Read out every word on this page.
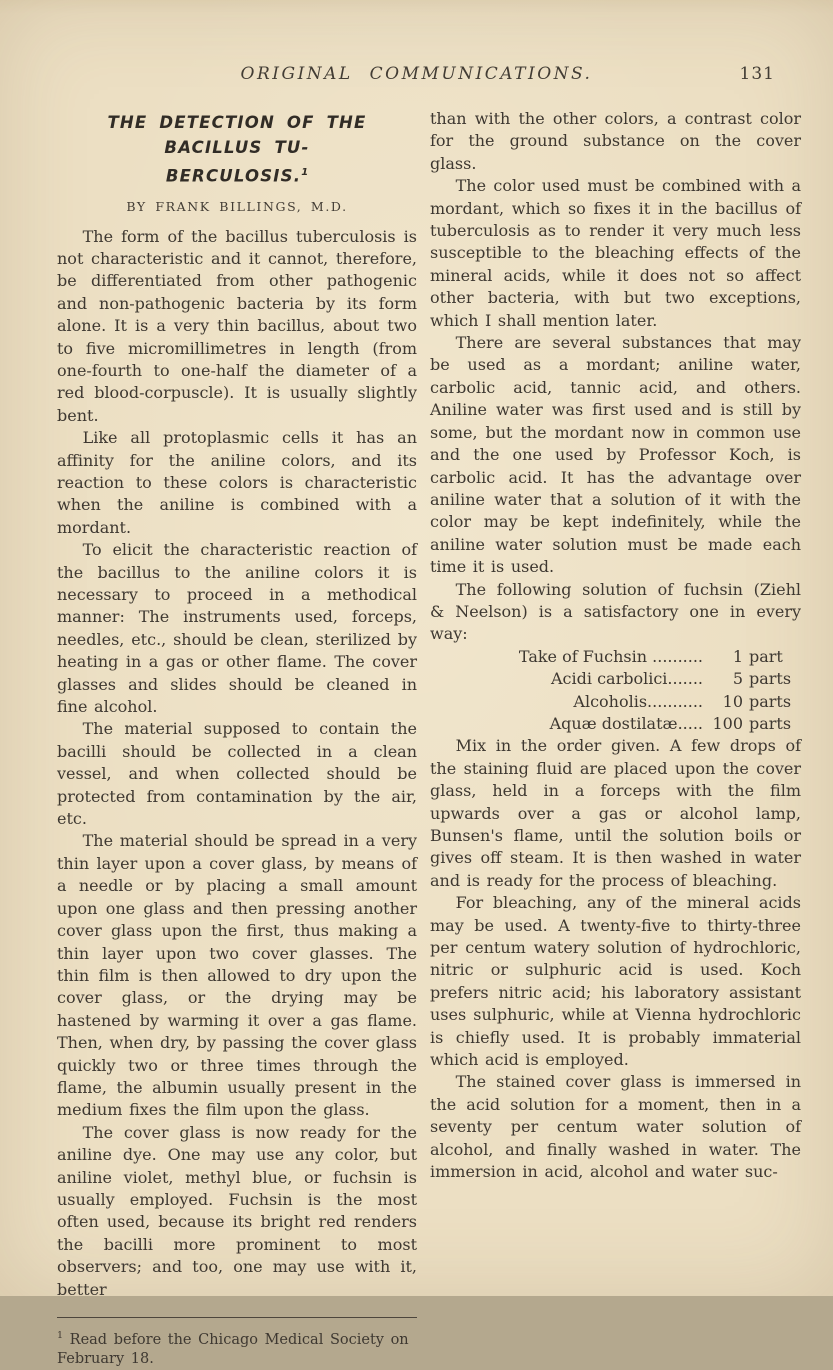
ORIGINAL COMMUNICATIONS.	131
THE DETECTION OF THE BACILLUS TU-
BERCULOSIS.$^1$
BY FRANK BILLINGS, M.D.

The form of the bacillus tuberculosis is not characteristic and it cannot, therefore, be differentiated from other pathogenic and non-pathogenic bacteria by its form alone. It is a very thin bacillus, about two to five micromillimetres in length (from one-fourth to one-half the diameter of a red blood-corpuscle). It is usually slightly bent.

Like all protoplasmic cells it has an affinity for the aniline colors, and its reaction to these colors is characteristic when the aniline is combined with a mordant.

To elicit the characteristic reaction of the bacillus to the aniline colors it is necessary to proceed in a methodical manner: The instruments used, forceps, needles, etc., should be clean, sterilized by heating in a gas or other flame. The cover glasses and slides should be cleaned in fine alcohol.

The material supposed to contain the bacilli should be collected in a clean vessel, and when collected should be protected from contamination by the air, etc.

The material should be spread in a very thin layer upon a cover glass, by means of a needle or by placing a small amount upon one glass and then pressing another cover glass upon the first, thus making a thin layer upon two cover glasses. The thin film is then allowed to dry upon the cover glass, or the drying may be hastened by warming it over a gas flame. Then, when dry, by passing the cover glass quickly two or three times through the flame, the albumin usually present in the medium fixes the film upon the glass.

The cover glass is now ready for the aniline dye. One may use any color, but aniline violet, methyl blue, or fuchsin is usually employed. Fuchsin is the most often used, because its bright red renders the bacilli more prominent to most observers; and too, one may use with it, better

$^1$ Read before the Chicago Medical Society on February 18.

than with the other colors, a contrast color for the ground substance on the cover glass.

The color used must be combined with a mordant, which so fixes it in the bacillus of tuberculosis as to render it very much less susceptible to the bleaching effects of the mineral acids, while it does not so affect other bacteria, with but two exceptions, which I shall mention later.

There are several substances that may be used as a mordant; aniline water, carbolic acid, tannic acid, and others. Aniline water was first used and is still by some, but the mordant now in common use and the one used by Professor Koch, is carbolic acid. It has the advantage over aniline water that a solution of it with the color may be kept indefinitely, while the aniline water solution must be made each time it is used.

The following solution of fuchsin (Ziehl & Neelson) is a satisfactory one in every way:

Take of Fuchsin ..........	1 part
Acidi carbolici.......	5 parts
Alcoholis...........	10 parts
Aquæ dostilatæ..... 100 parts

Mix in the order given. A few drops of the staining fluid are placed upon the cover glass, held in a forceps with the film upwards over a gas or alcohol lamp, Bunsen's flame, until the solution boils or gives off steam. It is then washed in water and is ready for the process of bleaching.

For bleaching, any of the mineral acids may be used. A twenty-five to thirty-three per centum watery solution of hydrochloric, nitric or sulphuric acid is used. Koch prefers nitric acid; his laboratory assistant uses sulphuric, while at Vienna hydrochloric is chiefly used. It is probably immaterial which acid is employed.

The stained cover glass is immersed in the acid solution for a moment, then in a seventy per centum water solution of alcohol, and finally washed in water. The immersion in acid, alcohol and water suc-
